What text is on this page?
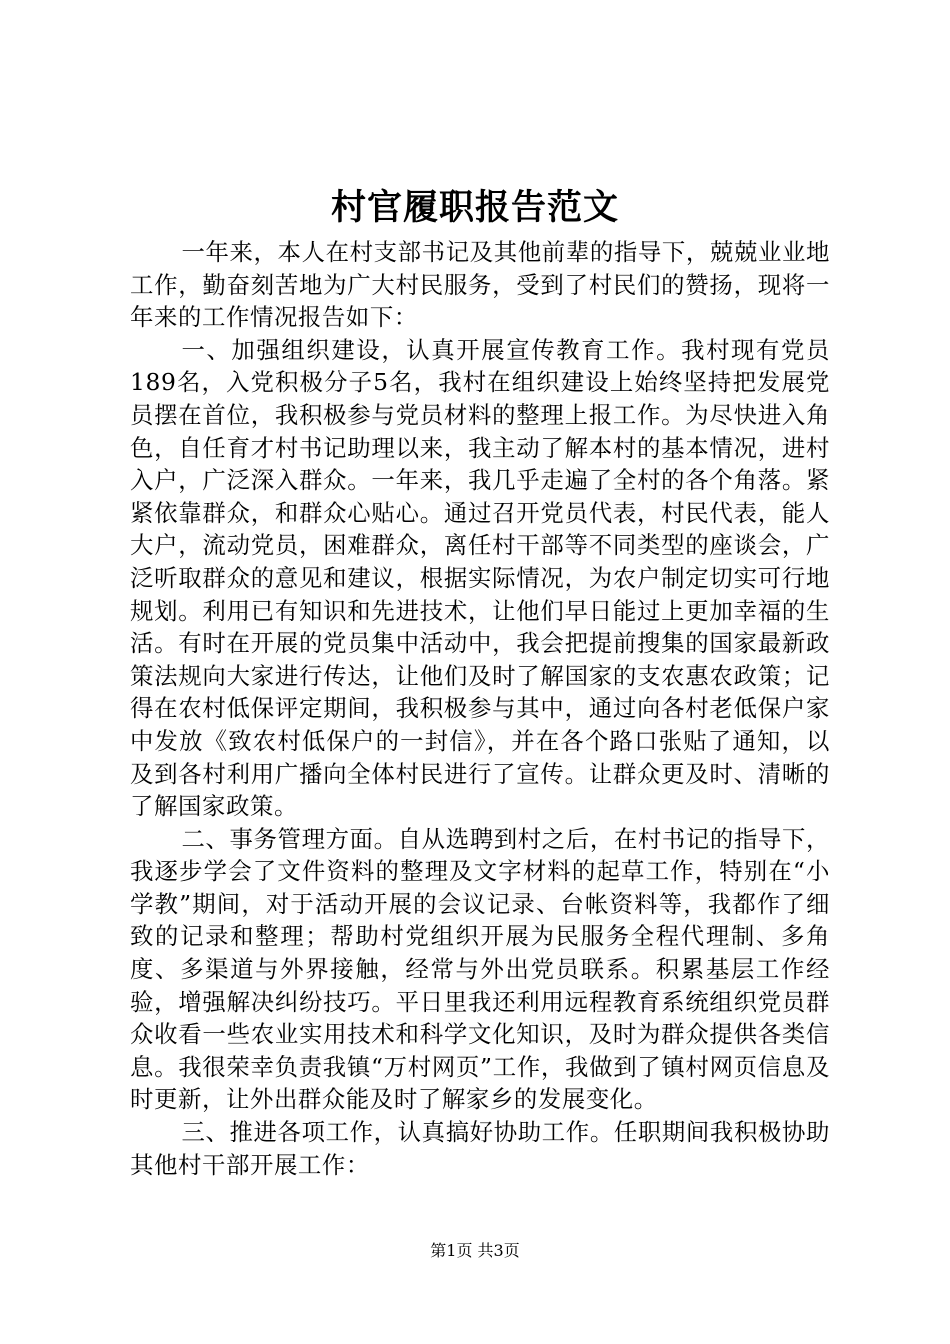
村官履职报告范文

一年来，本人在村支部书记及其他前辈的指导下，兢兢业业地工作，勤奋刻苦地为广大村民服务，受到了村民们的赞扬，现将一年来的工作情况报告如下：

一、加强组织建设，认真开展宣传教育工作。我村现有党员189名，入党积极分子5名，我村在组织建设上始终坚持把发展党员摆在首位，我积极参与党员材料的整理上报工作。为尽快进入角色，自任育才村书记助理以来，我主动了解本村的基本情况，进村入户，广泛深入群众。一年来，我几乎走遍了全村的各个角落。紧紧依靠群众，和群众心贴心。通过召开党员代表，村民代表，能人大户，流动党员，困难群众，离任村干部等不同类型的座谈会，广泛听取群众的意见和建议，根据实际情况，为农户制定切实可行地规划。利用已有知识和先进技术，让他们早日能过上更加幸福的生活。有时在开展的党员集中活动中，我会把提前搜集的国家最新政策法规向大家进行传达，让他们及时了解国家的支农惠农政策；记得在农村低保评定期间，我积极参与其中，通过向各村老低保户家中发放《致农村低保户的一封信》，并在各个路口张贴了通知，以及到各村利用广播向全体村民进行了宣传。让群众更及时、清晰的了解国家政策。

二、事务管理方面。自从选聘到村之后，在村书记的指导下，我逐步学会了文件资料的整理及文字材料的起草工作，特别在“小学教”期间，对于活动开展的会议记录、台帐资料等，我都作了细致的记录和整理；帮助村党组织开展为民服务全程代理制、多角度、多渠道与外界接触，经常与外出党员联系。积累基层工作经验，增强解决纠纷技巧。平日里我还利用远程教育系统组织党员群众收看一些农业实用技术和科学文化知识，及时为群众提供各类信息。我很荣幸负责我镇“万村网页”工作，我做到了镇村网页信息及时更新，让外出群众能及时了解家乡的发展变化。

三、推进各项工作，认真搞好协助工作。任职期间我积极协助其他村干部开展工作：

第1页 共3页
